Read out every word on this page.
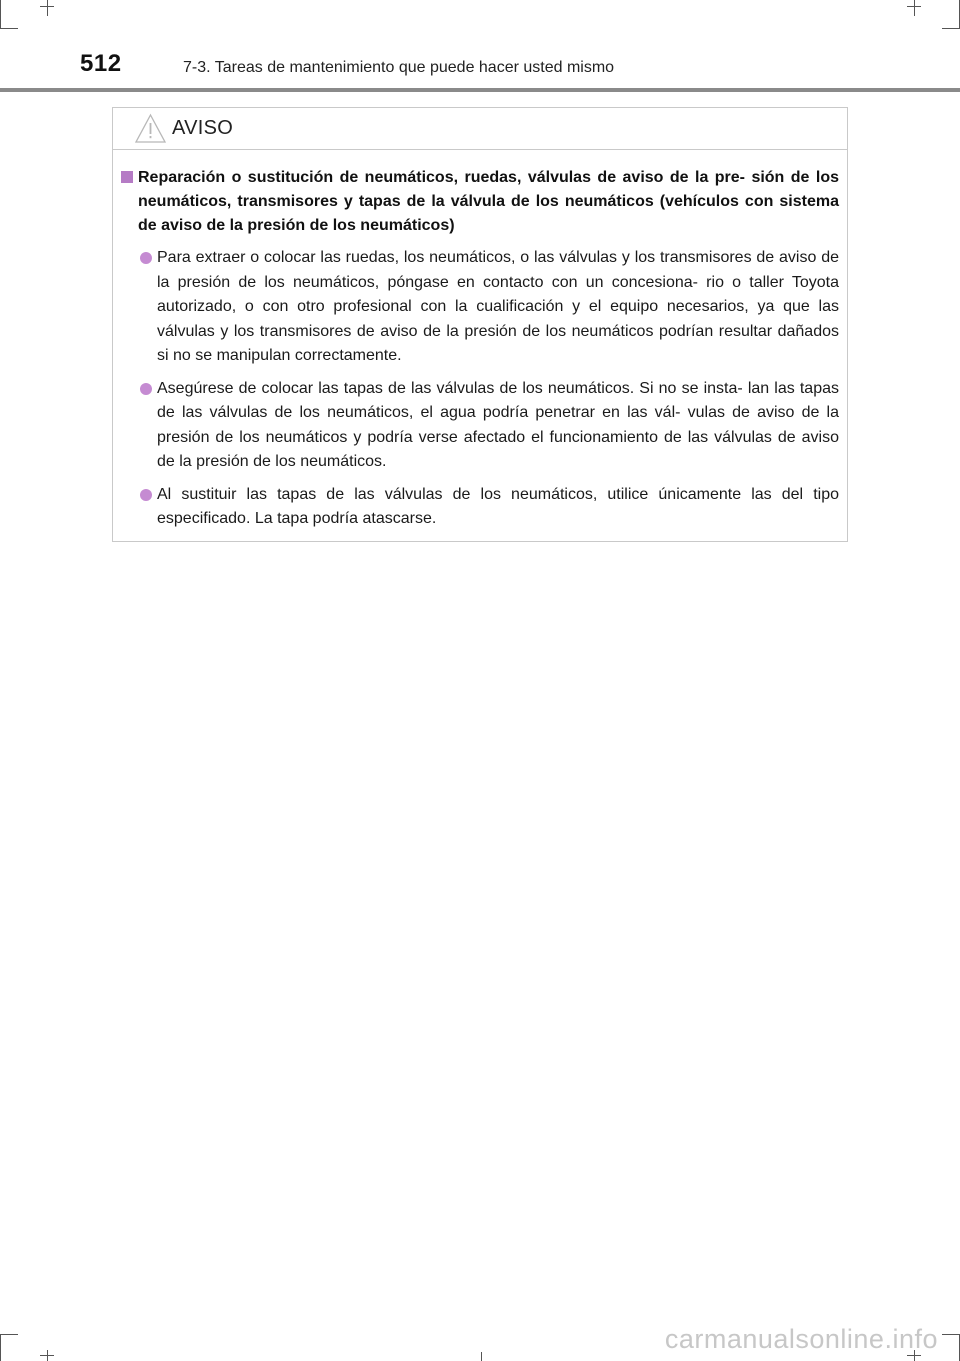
512	7-3. Tareas de mantenimiento que puede hacer usted mismo
AVISO
Reparación o sustitución de neumáticos, ruedas, válvulas de aviso de la pre- sión de los neumáticos, transmisores y tapas de la válvula de los neumáticos (vehículos con sistema de aviso de la presión de los neumáticos)
Para extraer o colocar las ruedas, los neumáticos, o las válvulas y los transmisores de aviso de la presión de los neumáticos, póngase en contacto con un concesiona- rio o taller Toyota autorizado, o con otro profesional con la cualificación y el equipo necesarios, ya que las válvulas y los transmisores de aviso de la presión de los neumáticos podrían resultar dañados si no se manipulan correctamente.
Asegúrese de colocar las tapas de las válvulas de los neumáticos. Si no se insta- lan las tapas de las válvulas de los neumáticos, el agua podría penetrar en las vál- vulas de aviso de la presión de los neumáticos y podría verse afectado el funcionamiento de las válvulas de aviso de la presión de los neumáticos.
Al sustituir las tapas de las válvulas de los neumáticos, utilice únicamente las del tipo especificado. La tapa podría atascarse.
carmanualsonline.info
